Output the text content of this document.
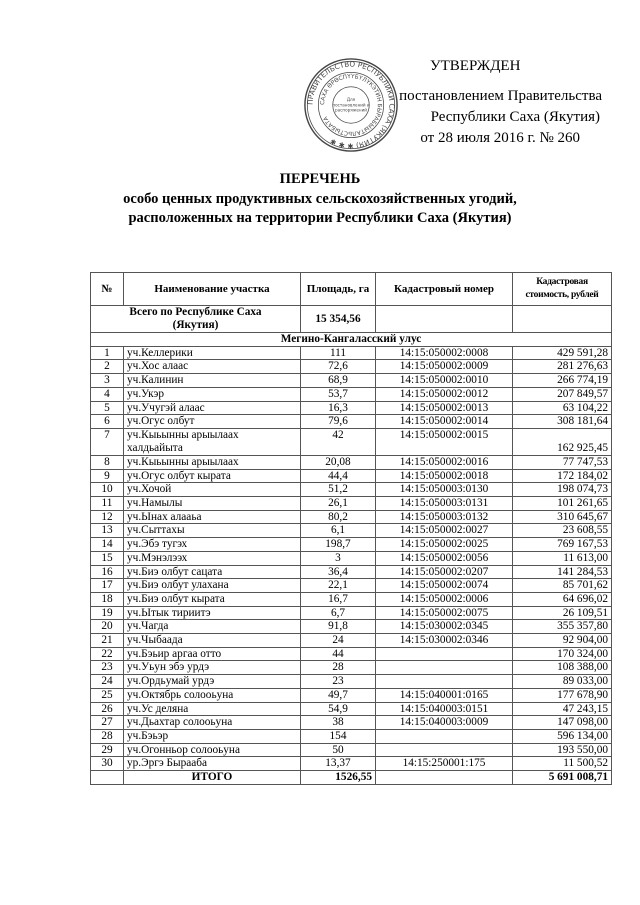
ПРАВИТЕЛЬСТВО РЕСПУБЛИКИ САХА (ЯКУТИЯ) ✱ ✱ ✱
САХА ӨРӨСПҮҮБҮЛҮКЭТИН БЫРАБЫЫТАЛЬСТЫБАТА
Для
постановлений и
распоряжений
УТВЕРЖДЕН
постановлением Правительства
Республики Саха (Якутия)
от 28 июля 2016 г. № 260
ПЕРЕЧЕНЬ
особо ценных продуктивных сельскохозяйственных угодий,
расположенных на территории Республики Саха (Якутия)
№	Наименование участка	Площадь, га	Кадастровый номер	Кадастровая стоимость, рублей
Всего по Республике Саха (Якутия)		15 354,56		
Мегино-Кангаласский улус				
1	уч.Келлерики	111	14:15:050002:0008	429 591,28
2	уч.Хос алаас	72,6	14:15:050002:0009	281 276,63
3	уч.Калинин	68,9	14:15:050002:0010	266 774,19
4	уч.Укэр	53,7	14:15:050002:0012	207 849,57
5	уч.Учугэй алаас	16,3	14:15:050002:0013	63 104,22
6	уч.Огус олбут	79,6	14:15:050002:0014	308 181,64
7	уч.Кыьынны арыылаах халдьайыта	42	14:15:050002:0015	162 925,45
8	уч.Кыьынны арыылаах	20,08	14:15:050002:0016	77 747,53
9	уч.Огус олбут кырата	44,4	14:15:050002:0018	172 184,02
10	уч.Хочой	51,2	14:15:050003:0130	198 074,73
11	уч.Намылы	26,1	14:15:050003:0131	101 261,65
12	уч.Ынах алааьа	80,2	14:15:050003:0132	310 645,67
13	уч.Сыттахы	6,1	14:15:050002:0027	23 608,55
14	уч.Эбэ тугэх	198,7	14:15:050002:0025	769 167,53
15	уч.Мэнэлээх	3	14:15:050002:0056	11 613,00
16	уч.Биэ олбут сацата	36,4	14:15:050002:0207	141 284,53
17	уч.Биэ олбут улахана	22,1	14:15:050002:0074	85 701,62
18	уч.Биэ олбут кырата	16,7	14:15:050002:0006	64 696,02
19	уч.Ытык тириитэ	6,7	14:15:050002:0075	26 109,51
20	уч.Чагда	91,8	14:15:030002:0345	355 357,80
21	уч.Чыбаада	24	14:15:030002:0346	92 904,00
22	уч.Бэьир аргаа отто	44		170 324,00
23	уч.Уьун эбэ урдэ	28		108 388,00
24	уч.Ордьумай урдэ	23		89 033,00
25	уч.Октябрь солооьуна	49,7	14:15:040001:0165	177 678,90
26	уч.Ус деляна	54,9	14:15:040003:0151	47 243,15
27	уч.Дьахтар солооьуна	38	14:15:040003:0009	147 098,00
28	уч.Бэьэр	154		596 134,00
29	уч.Огонньор солооьуна	50		193 550,00
30	ур.Эргэ Бырааба	13,37	14:15:250001:175	11 500,52
	ИТОГО	1526,55		5 691 008,71
